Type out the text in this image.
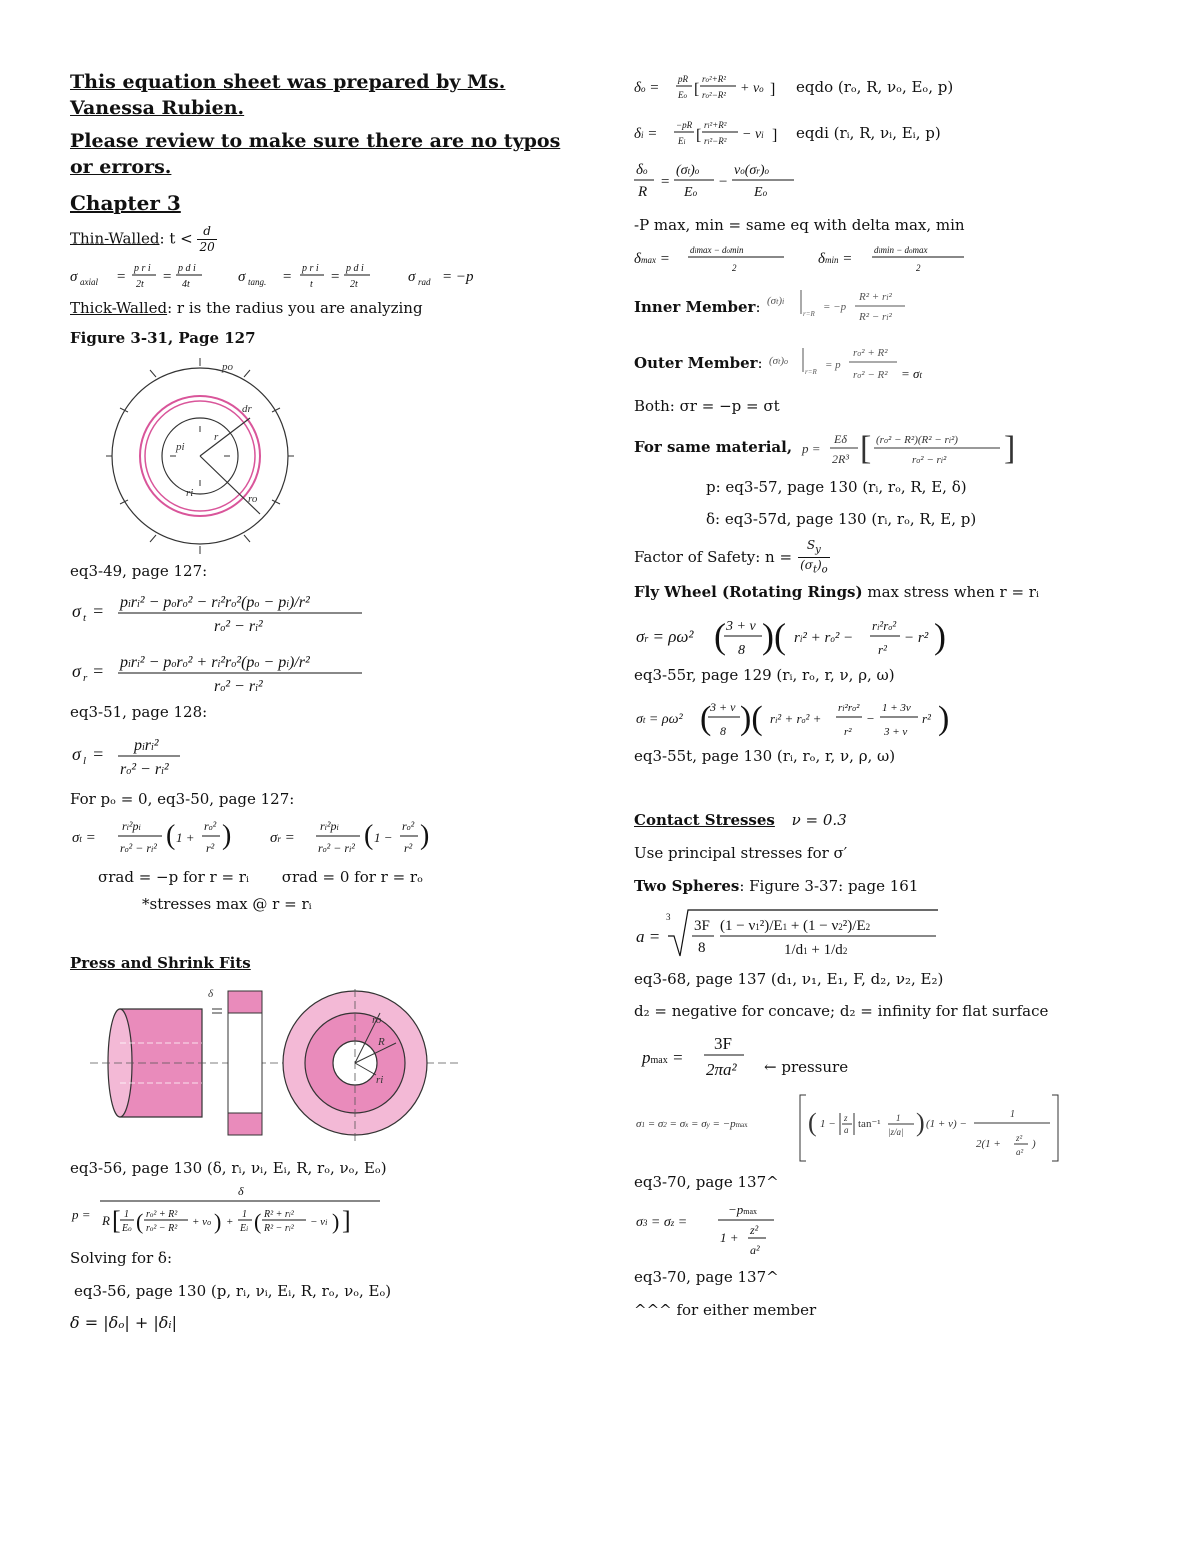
This equation sheet was prepared by Ms. Vanessa Rubien.
Please review to make sure there are no typos or errors.
Chapter 3
Thin-Walled: $t < \frac{d}{20}$
σ axial =
p r i
2t =
p d i
4t	σ tang. =
p r i
t =
p d i
2t	σ rad = −p
Thick-Walled: r is the radius you are analyzing
Figure 3-31, Page 127
po
pi
dr
r
ri	ro
eq3-49, page 127:
σ t = piri² − poro² − ri²ro²(po − pi)/r²
ro² − ri²
σ r = piri² − poro² + ri²ro²(po − pi)/r²
ro² − ri²
eq3-51, page 128:
σ l = piri²
ro² − ri²
For pₒ = 0, eq3-50, page 127:
σt =
ri²pi
ro² − ri² ( 1 +
ro²
r² )	σr =
ri²pi
ro² − ri² ( 1 −
ro²
r² )
σrad = −p for r = rᵢ σrad = 0 for r = rₒ
*stresses max @ r = rᵢ
Press and Shrink Fits
δ
ro
R
ri
eq3-56, page 130 (δ, rᵢ, νᵢ, Eᵢ, R, rₒ, νₒ, Eₒ)
p =
δ
R [ 1
Eo ( ro² + R²
ro² − R²
+ νo ) +
1
Ei ( R² + ri²
R² − ri²
− νi ) ]
Solving for δ:
eq3-56, page 130 (p, rᵢ, νᵢ, Eᵢ, R, rₒ, νₒ, Eₒ)
δ = |δₒ| + |δᵢ|
δo =
pR
Eo [
ro²+R²
ro²−R² + νo ] eqdo (rₒ, R, νₒ, Eₒ, p)
δi =
−pR
Ei [
ri²+R²
ri²−R² − νi ] eqdi (rᵢ, R, νᵢ, Eᵢ, p)
δo
R
=
(σt)o
Eo
−
νo(σr)o
Eo
-P max, min = same eq with delta max, min
δmax =
dimax − domin
2
δmin =
dimin − domax
2
Inner Member : (σt)i
r=R
= −p
R² + ri²
R² − ri²
Outer Member : (σt)o
r=R
= p
ro² + R²
ro² − R² = σt
Both: σr = −p = σt
For same material, p =
Eδ
2R³ [ (ro² − R²)(R² − ri²)
ro² − ri² ]
p: eq3-57, page 130 (rᵢ, rₒ, R, E, δ)
δ: eq3-57d, page 130 (rᵢ, rₒ, R, E, p)
Factor of Safety: $n = \frac{S_y}{(\sigma_t)_o}$
Fly Wheel (Rotating Rings) max stress when r = rᵢ
σr = ρω² ( 3 + ν
8 )( ri² + ro² −
ri²ro²
r²
− r² )
eq3-55r, page 129 (rᵢ, rₒ, r, ν, ρ, ω)
σt = ρω² (
3 + ν
8 )( ri² + ro² +
ri²ro²
r²
−
1 + 3ν
3 + ν
r² )
eq3-55t, page 130 (rᵢ, rₒ, r, ν, ρ, ω)
Contact Stresses ν = 0.3
Use principal stresses for σ′
Two Spheres: Figure 3-37: page 161
a =
3
3F
8
(1 − ν1²)/E1 + (1 − ν2²)/E2
1/d1 + 1/d2
eq3-68, page 137 (d₁, ν₁, E₁, F, d₂, ν₂, E₂)
d₂ = negative for concave; d₂ = infinity for flat surface
pmax =
3F
2πa² ← pressure
σ1 = σ2 = σx = σy = −pmax ( 1 − z
a tan⁻¹ 1
|z/a| ) (1 + ν) −
1
2(1 + z²
a²
)
eq3-70, page 137^
σ3 = σz =
−pmax
1 + z²
a²
eq3-70, page 137^
^^^ for either member
